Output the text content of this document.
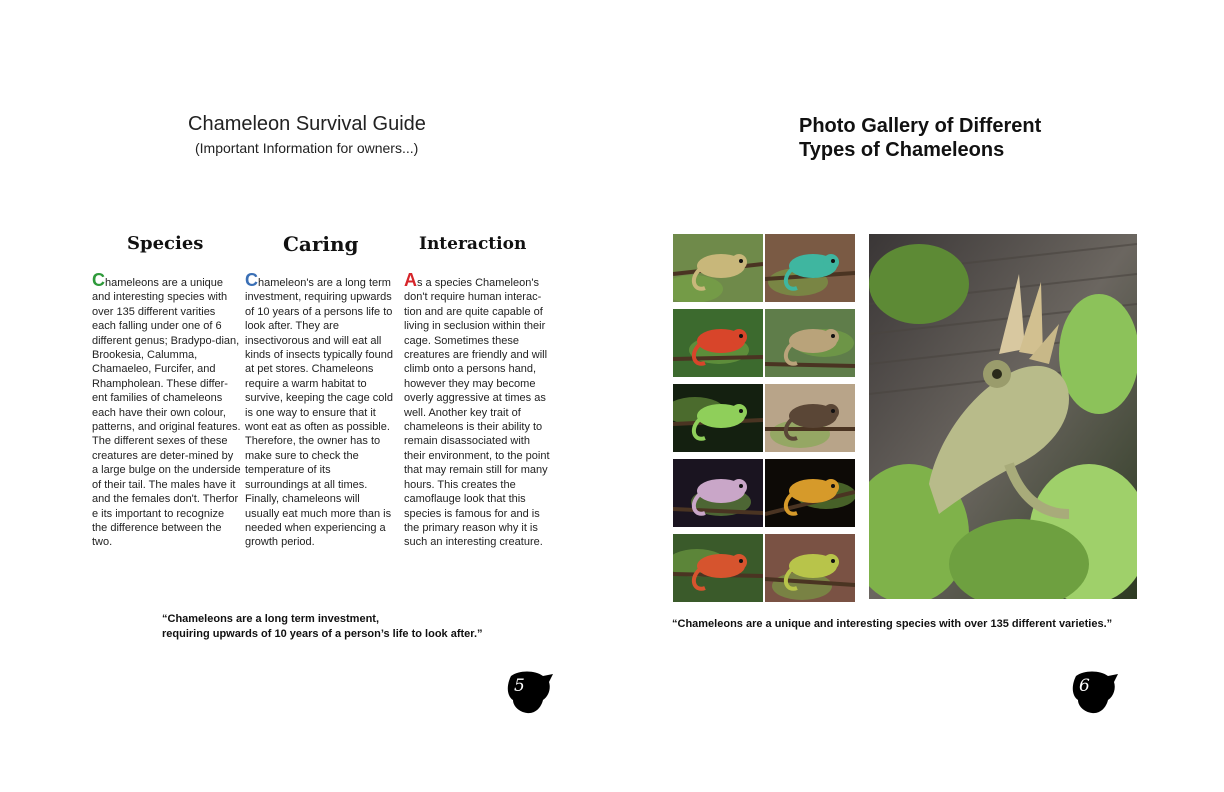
Chameleon Survival Guide
(Important Information for owners...)
Species

Chameleons are a unique and interesting species with over 135 different varities each falling under one of 6 different genus; Bradypo-dian, Brookesia, Calumma, Chamaeleo, Furcifer, and Rhampholean. These differ-ent families of chameleons each have their own colour, patterns, and original features. The different sexes of these creatures are deter-mined by a large bulge on the underside of their tail. The males have it and the females don't. Therfor e its important to recognize the difference between the two.

Caring

Chameleon's are a long term investment, requiring upwards of 10 years of a persons life to look after. They are insectivorous and will eat all kinds of insects typically found at pet stores. Chameleons require a warm habitat to survive, keeping the cage cold is one way to ensure that it wont eat as often as possible. Therefore, the owner has to make sure to check the temperature of its surroundings at all times. Finally, chameleons will usually eat much more than is needed when experiencing a growth period.

Interaction

As a species Chameleon's don't require human interac-tion and are quite capable of living in seclusion within their cage. Sometimes these creatures are friendly and will climb onto a persons hand, however they may become overly aggressive at times as well. Another key trait of chameleons is their ability to remain disassociated with their environment, to the point that may remain still for many hours. This creates the camoflauge look that this species is famous for and is the primary reason why it is such an interesting creature.

“Chameleons are a long term investment,
requiring upwards of 10 years of a person’s life to look after.”
5
Photo Gallery of Different
Types of Chameleons
“Chameleons are a unique and interesting species with over 135 different varieties.”
6
